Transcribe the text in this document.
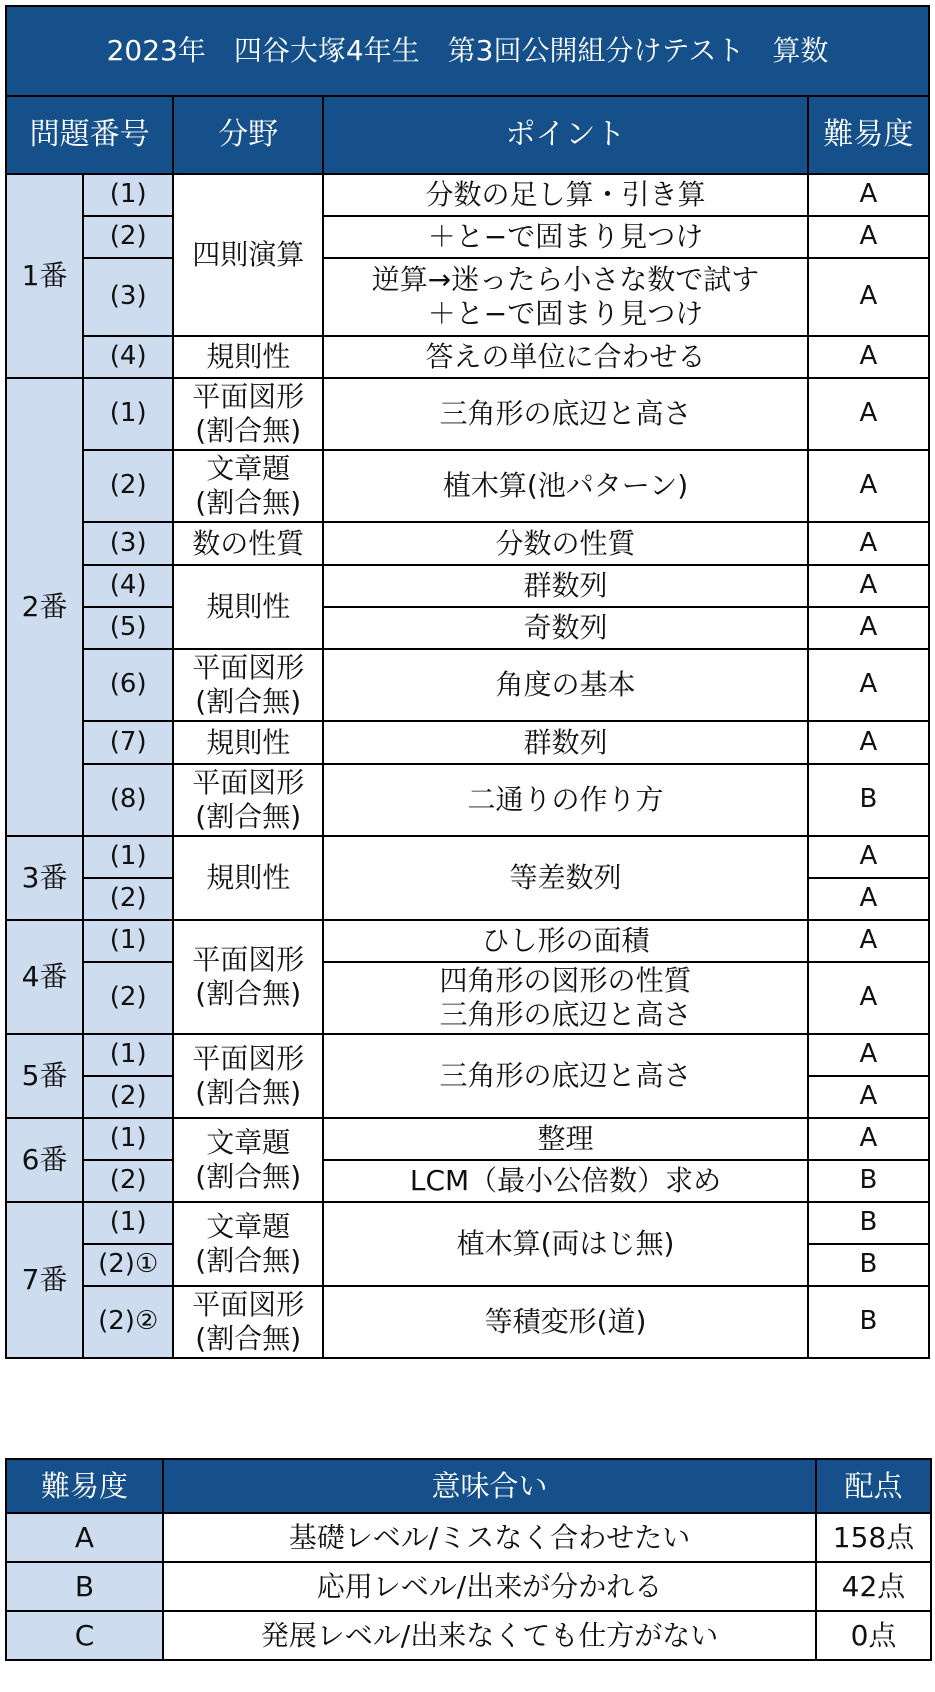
2023年　四谷大塚4年生　第3回公開組分けテスト　算数				
問題番号		分野	ポイント	難易度
1番	(1)	四則演算	分数の足し算・引き算	A
	(2)		＋と−で固まり見つけ	A
	(3)		逆算→迷ったら小さな数で試す
＋と−で固まり見つけ	A
	(4)	規則性	答えの単位に合わせる	A
2番	(1)	平面図形
(割合無)	三角形の底辺と高さ	A
	(2)	文章題
(割合無)	植木算(池パターン)	A
	(3)	数の性質	分数の性質	A
	(4)	規則性	群数列	A
	(5)		奇数列	A
	(6)	平面図形
(割合無)	角度の基本	A
	(7)	規則性	群数列	A
	(8)	平面図形
(割合無)	二通りの作り方	B
3番	(1)	規則性	等差数列	A
	(2)			A
4番	(1)	平面図形
(割合無)	ひし形の面積	A
	(2)		四角形の図形の性質
三角形の底辺と高さ	A
5番	(1)	平面図形
(割合無)	三角形の底辺と高さ	A
	(2)			A
6番	(1)	文章題
(割合無)	整理	A
	(2)		LCM（最小公倍数）求め	B
7番	(1)	文章題
(割合無)	植木算(両はじ無)	B
	(2)①			B
	(2)②	平面図形
(割合無)	等積変形(道)	B
難易度	意味合い	配点
A	基礎レベル/ミスなく合わせたい	158点
B	応用レベル/出来が分かれる	42点
C	発展レベル/出来なくても仕方がない	0点
